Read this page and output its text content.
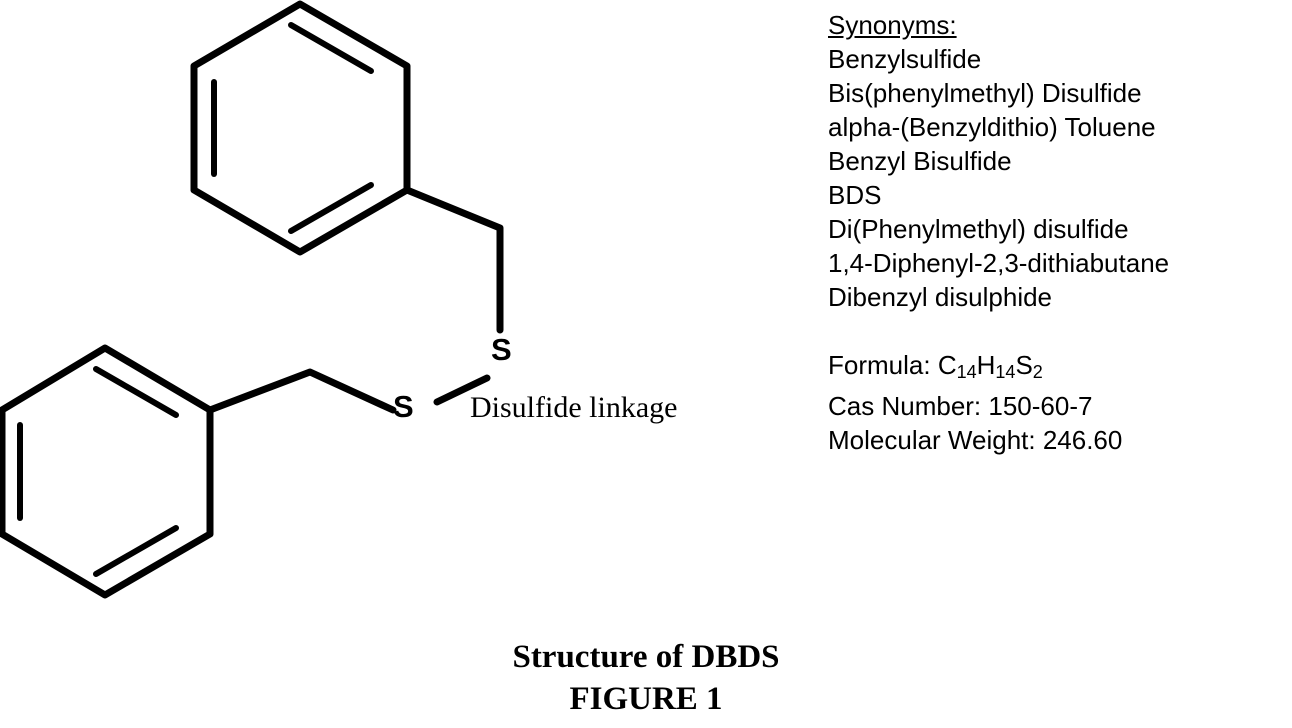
S
S Disulfide linkage
Synonyms:
Benzylsulfide
Bis(phenylmethyl) Disulfide
alpha-(Benzyldithio) Toluene
Benzyl Bisulfide
BDS
Di(Phenylmethyl) disulfide
1,4-Diphenyl-2,3-dithiabutane
Dibenzyl disulphide
Formula: $C_{14}H_{14}S_2$
Cas Number: 150-60-7
Molecular Weight: 246.60
Structure of DBDS
FIGURE 1
